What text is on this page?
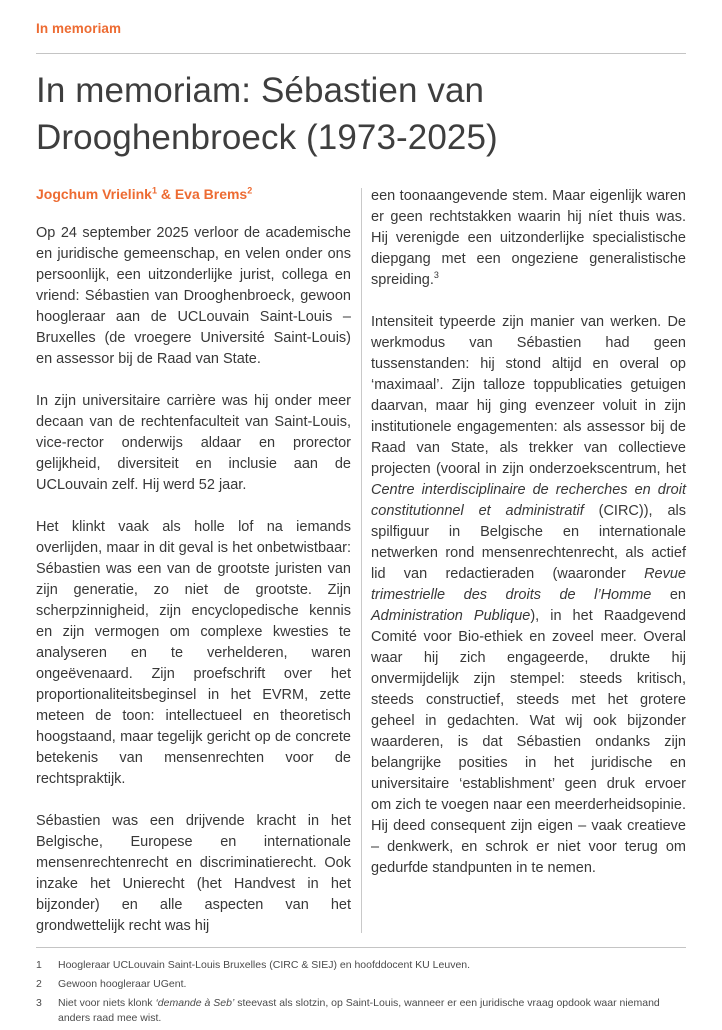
In memoriam
In memoriam: Sébastien van Drooghenbroeck (1973-2025)
Jogchum Vrielink$^1$ & Eva Brems$^2$

Op 24 september 2025 verloor de academische en juridische gemeenschap, en velen onder ons persoonlijk, een uitzonderlijke jurist, collega en vriend: Sébastien van Drooghenbroeck, gewoon hoogleraar aan de UCLouvain Saint-Louis – Bruxelles (de vroegere Université Saint-Louis) en assessor bij de Raad van State.

In zijn universitaire carrière was hij onder meer decaan van de rechtenfaculteit van Saint-Louis, vice-rector onderwijs aldaar en prorector gelijkheid, diversiteit en inclusie aan de UCLouvain zelf. Hij werd 52 jaar.

Het klinkt vaak als holle lof na iemands overlijden, maar in dit geval is het onbetwistbaar: Sébastien was een van de grootste juristen van zijn generatie, zo niet de grootste. Zijn scherpzinnigheid, zijn encyclopedische kennis en zijn vermogen om complexe kwesties te analyseren en te verhelderen, waren ongeëvenaard. Zijn proefschrift over het proportionaliteitsbeginsel in het EVRM, zette meteen de toon: intellectueel en theoretisch hoogstaand, maar tegelijk gericht op de concrete betekenis van mensenrechten voor de rechtspraktijk.

Sébastien was een drijvende kracht in het Belgische, Europese en internationale mensenrechtenrecht en discriminatierecht. Ook inzake het Unierecht (het Handvest in het bijzonder) en alle aspecten van het grondwettelijk recht was hij

een toonaangevende stem. Maar eigenlijk waren er geen rechtstakken waarin hij níet thuis was. Hij verenigde een uitzonderlijke specialistische diepgang met een ongeziene generalistische spreiding.$^3$

Intensiteit typeerde zijn manier van werken. De werkmodus van Sébastien had geen tussenstanden: hij stond altijd en overal op ‘maximaal’. Zijn talloze toppublicaties getuigen daarvan, maar hij ging evenzeer voluit in zijn institutionele engagementen: als assessor bij de Raad van State, als trekker van collectieve projecten (vooral in zijn onderzoekscentrum, het Centre interdisciplinaire de recherches en droit constitutionnel et administratif (CIRC)), als spilfiguur in Belgische en internationale netwerken rond mensenrechtenrecht, als actief lid van redactieraden (waaronder Revue trimestrielle des droits de l’Homme en Administration Publique), in het Raadgevend Comité voor Bio-ethiek en zoveel meer. Overal waar hij zich engageerde, drukte hij onvermijdelijk zijn stempel: steeds kritisch, steeds constructief, steeds met het grotere geheel in gedachten. Wat wij ook bijzonder waarderen, is dat Sébastien ondanks zijn belangrijke posities in het juridische en universitaire ‘establishment’ geen druk ervoer om zich te voegen naar een meerderheidsopinie. Hij deed consequent zijn eigen – vaak creatieve – denkwerk, en schrok er niet voor terug om gedurfde standpunten in te nemen.

1	Hoogleraar UCLouvain Saint-Louis Bruxelles (CIRC & SIEJ) en hoofddocent KU Leuven.
2	Gewoon hoogleraar UGent.
3	Niet voor niets klonk ‘demande à Seb’ steevast als slotzin, op Saint-Louis, wanneer er een juridische vraag opdook waar niemand anders raad mee wist.
